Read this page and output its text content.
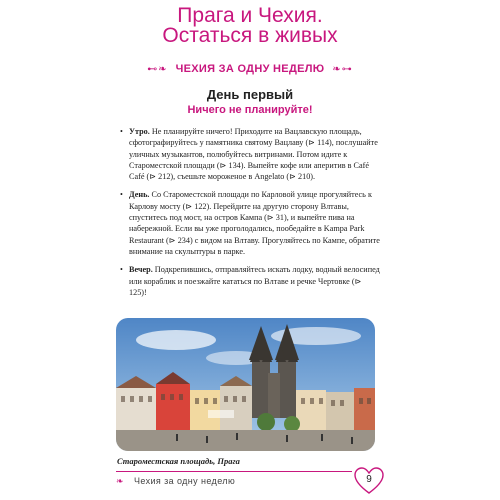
Прага и Чехия.
Остаться в живых
⊷❧ ЧЕХИЯ ЗА ОДНУ НЕДЕЛЮ ❧⊶
День первый
Ничего не планируйте!
• Утро. Не планируйте ничего! Приходите на Вацлавскую площадь, сфотографируйтесь у памятника святому Вацлаву (⊳ 114), послушайте уличных музыкантов, полюбуйтесь витринами. Потом идите к Староместской площади (⊳ 134). Выпейте кофе или аперитив в Café Café (⊳ 212), съешьте мороженое в Angelato (⊳ 210).
• День. Со Староместской площади по Карловой улице прогуляйтесь к Карлову мосту (⊳ 122). Перейдите на другую сторону Влтавы, спуститесь под мост, на остров Кампа (⊳ 31), и выпейте пива на набережной. Если вы уже проголодались, пообедайте в Kampa Park Restaurant (⊳ 234) с видом на Влтаву. Прогуляйтесь по Кампе, обратите внимание на скульптуры в парке.
• Вечер. Подкрепившись, отправляйтесь искать лодку, водный велосипед или кораблик и поезжайте кататься по Влтаве и речке Чертовке (⊳ 125)!
Староместская площадь, Прага
❧ Чехия за одну неделю	9
